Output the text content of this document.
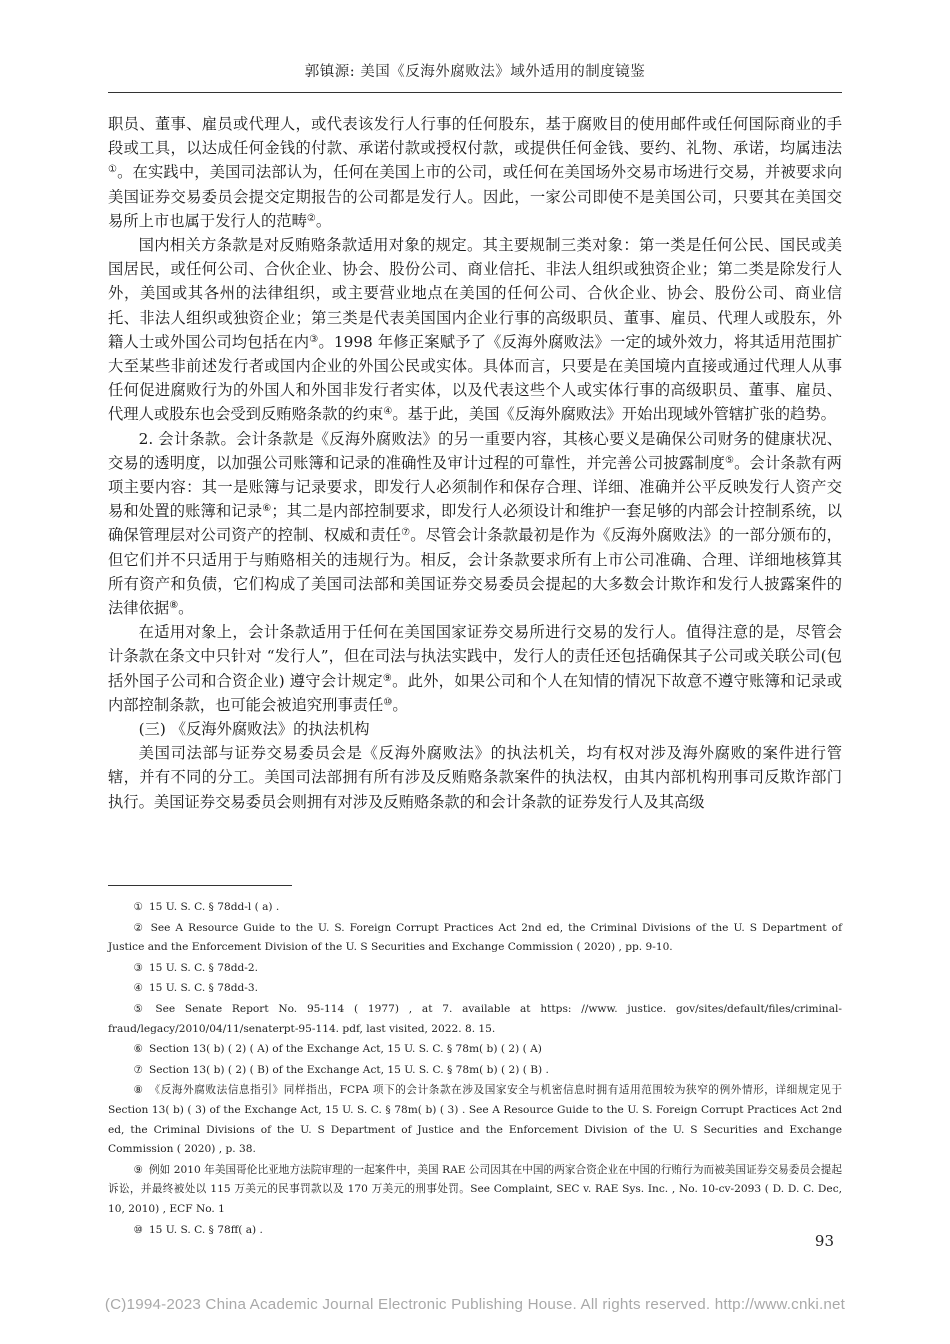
郭镇源: 美国《反海外腐败法》域外适用的制度镜鉴

职员、董事、雇员或代理人，或代表该发行人行事的任何股东，基于腐败目的使用邮件或任何国际商业的手段或工具，以达成任何金钱的付款、承诺付款或授权付款，或提供任何金钱、要约、礼物、承诺，均属违法①。在实践中，美国司法部认为，任何在美国上市的公司，或任何在美国场外交易市场进行交易，并被要求向美国证券交易委员会提交定期报告的公司都是发行人。因此，一家公司即使不是美国公司，只要其在美国交易所上市也属于发行人的范畴②。

国内相关方条款是对反贿赂条款适用对象的规定。其主要规制三类对象：第一类是任何公民、国民或美国居民，或任何公司、合伙企业、协会、股份公司、商业信托、非法人组织或独资企业；第二类是除发行人外，美国或其各州的法律组织，或主要营业地点在美国的任何公司、合伙企业、协会、股份公司、商业信托、非法人组织或独资企业；第三类是代表美国国内企业行事的高级职员、董事、雇员、代理人或股东，外籍人士或外国公司均包括在内③。1998 年修正案赋予了《反海外腐败法》一定的域外效力，将其适用范围扩大至某些非前述发行者或国内企业的外国公民或实体。具体而言，只要是在美国境内直接或通过代理人从事任何促进腐败行为的外国人和外国非发行者实体，以及代表这些个人或实体行事的高级职员、董事、雇员、代理人或股东也会受到反贿赂条款的约束④。基于此，美国《反海外腐败法》开始出现域外管辖扩张的趋势。

2. 会计条款。会计条款是《反海外腐败法》的另一重要内容，其核心要义是确保公司财务的健康状况、交易的透明度，以加强公司账簿和记录的准确性及审计过程的可靠性，并完善公司披露制度⑤。会计条款有两项主要内容：其一是账簿与记录要求，即发行人必须制作和保存合理、详细、准确并公平反映发行人资产交易和处置的账簿和记录⑥；其二是内部控制要求，即发行人必须设计和维护一套足够的内部会计控制系统，以确保管理层对公司资产的控制、权威和责任⑦。尽管会计条款最初是作为《反海外腐败法》的一部分颁布的，但它们并不只适用于与贿赂相关的违规行为。相反，会计条款要求所有上市公司准确、合理、详细地核算其所有资产和负债，它们构成了美国司法部和美国证券交易委员会提起的大多数会计欺诈和发行人披露案件的法律依据⑧。

在适用对象上，会计条款适用于任何在美国国家证券交易所进行交易的发行人。值得注意的是，尽管会计条款在条文中只针对 “发行人”，但在司法与执法实践中，发行人的责任还包括确保其子公司或关联公司(包括外国子公司和合资企业) 遵守会计规定⑨。此外，如果公司和个人在知情的情况下故意不遵守账簿和记录或内部控制条款，也可能会被追究刑事责任⑩。

(三) 《反海外腐败法》的执法机构

美国司法部与证券交易委员会是《反海外腐败法》的执法机关，均有权对涉及海外腐败的案件进行管辖，并有不同的分工。美国司法部拥有所有涉及反贿赂条款案件的执法权，由其内部机构刑事司反欺诈部门执行。美国证券交易委员会则拥有对涉及反贿赂条款的和会计条款的证券发行人及其高级

① 15 U. S. C. § 78dd-l ( a) .

② See A Resource Guide to the U. S. Foreign Corrupt Practices Act 2nd ed, the Criminal Divisions of the U. S Department of Justice and the Enforcement Division of the U. S Securities and Exchange Commission ( 2020) , pp. 9-10.

③ 15 U. S. C. § 78dd-2.

④ 15 U. S. C. § 78dd-3.

⑤ See Senate Report No. 95-114 ( 1977) , at 7. available at https: //www. justice. gov/sites/default/files/criminal-fraud/legacy/2010/04/11/senaterpt-95-114. pdf, last visited, 2022. 8. 15.

⑥ Section 13( b) ( 2) ( A) of the Exchange Act, 15 U. S. C. § 78m( b) ( 2) ( A)

⑦ Section 13( b) ( 2) ( B) of the Exchange Act, 15 U. S. C. § 78m( b) ( 2) ( B) .

⑧ 《反海外腐败法信息指引》同样指出，FCPA 项下的会计条款在涉及国家安全与机密信息时拥有适用范围较为狭窄的例外情形，详细规定见于 Section 13( b) ( 3) of the Exchange Act, 15 U. S. C. § 78m( b) ( 3) . See A Resource Guide to the U. S. Foreign Corrupt Practices Act 2nd ed, the Criminal Divisions of the U. S Department of Justice and the Enforcement Division of the U. S Securities and Exchange Commission ( 2020) , p. 38.

⑨ 例如 2010 年美国哥伦比亚地方法院审理的一起案件中，美国 RAE 公司因其在中国的两家合资企业在中国的行贿行为而被美国证券交易委员会提起诉讼，并最终被处以 115 万美元的民事罚款以及 170 万美元的刑事处罚。See Complaint, SEC v. RAE Sys. Inc. , No. 10-cv-2093 ( D. D. C. Dec, 10, 2010) , ECF No. 1

⑩ 15 U. S. C. § 78ff( a) .

93
(C)1994-2023 China Academic Journal Electronic Publishing House. All rights reserved. http://www.cnki.net
